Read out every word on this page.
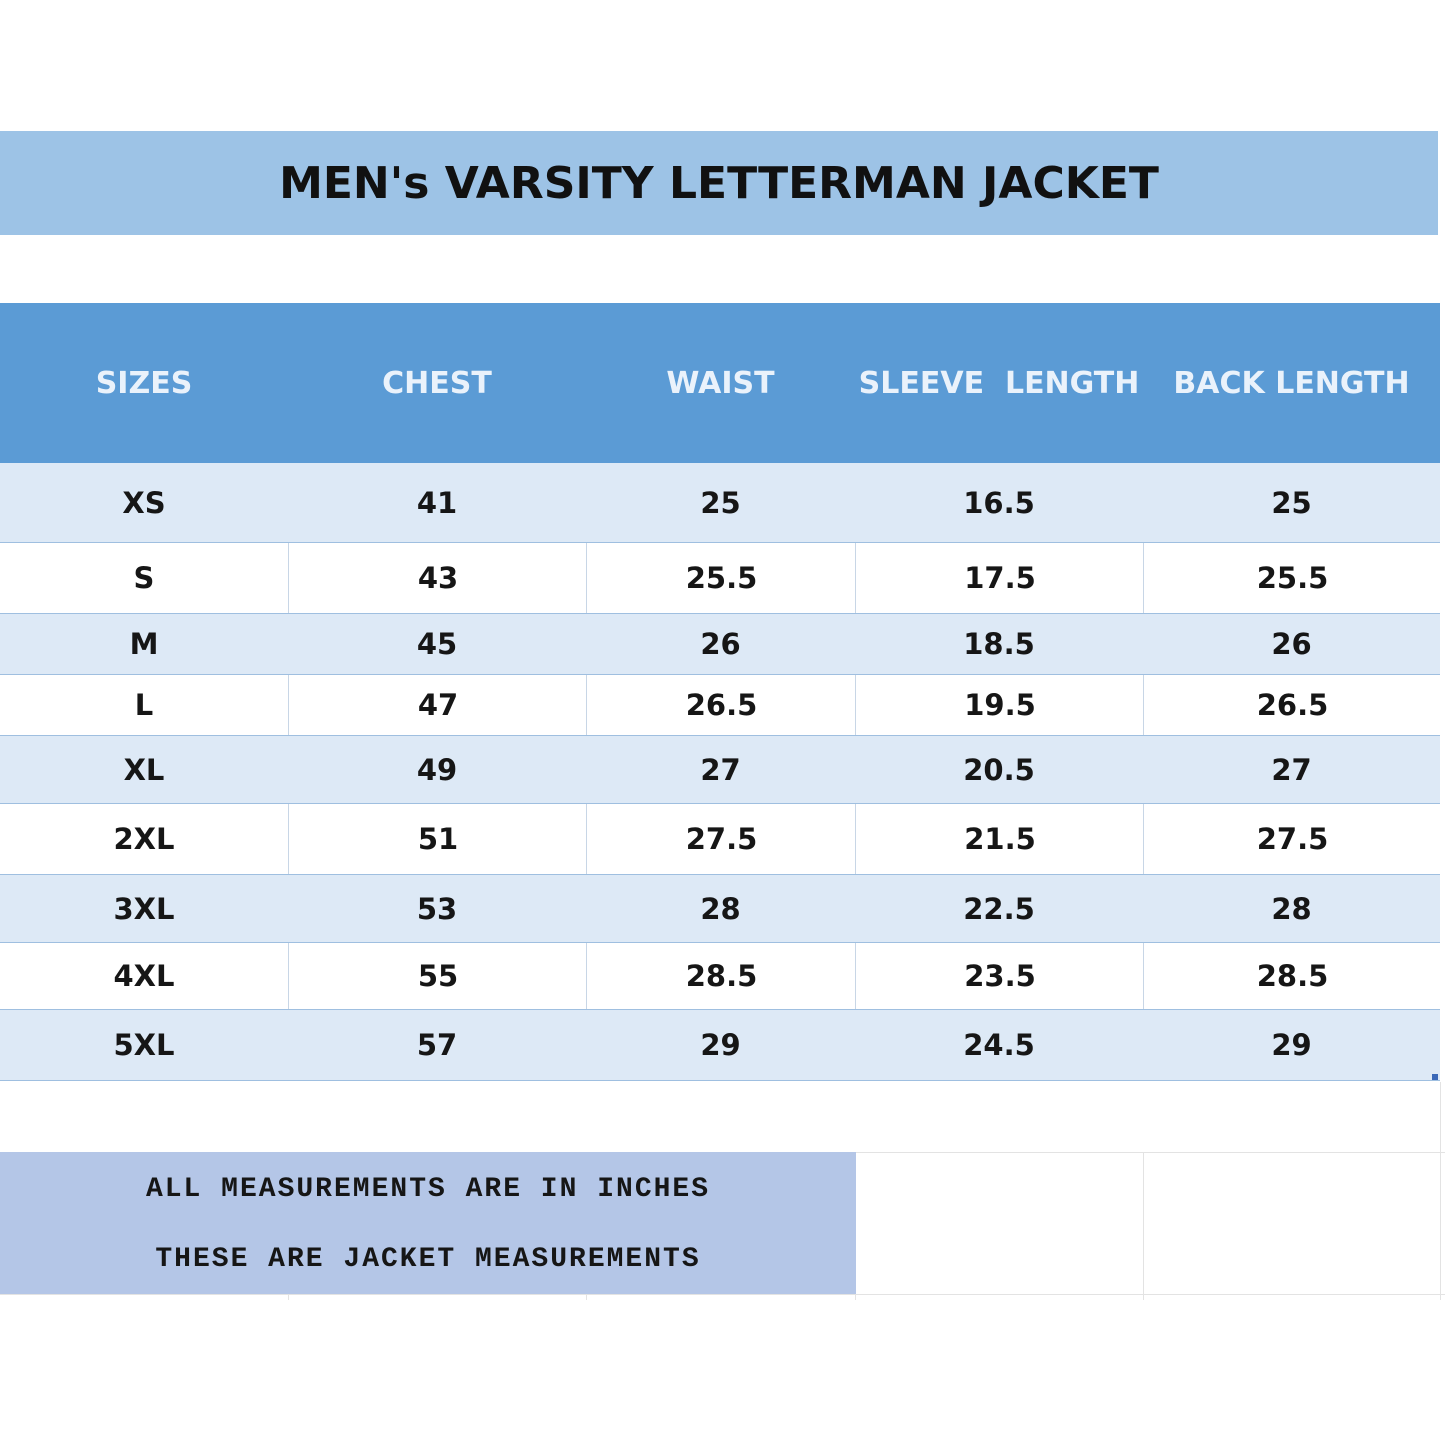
MEN's VARSITY LETTERMAN JACKET
SIZES	CHEST	WAIST	SLEEVE  LENGTH	BACK LENGTH
XS	41	25	16.5	25
S	43	25.5	17.5	25.5
M	45	26	18.5	26
L	47	26.5	19.5	26.5
XL	49	27	20.5	27
2XL	51	27.5	21.5	27.5
3XL	53	28	22.5	28
4XL	55	28.5	23.5	28.5
5XL	57	29	24.5	29
ALL MEASUREMENTS ARE IN INCHES
THESE ARE JACKET MEASUREMENTS
